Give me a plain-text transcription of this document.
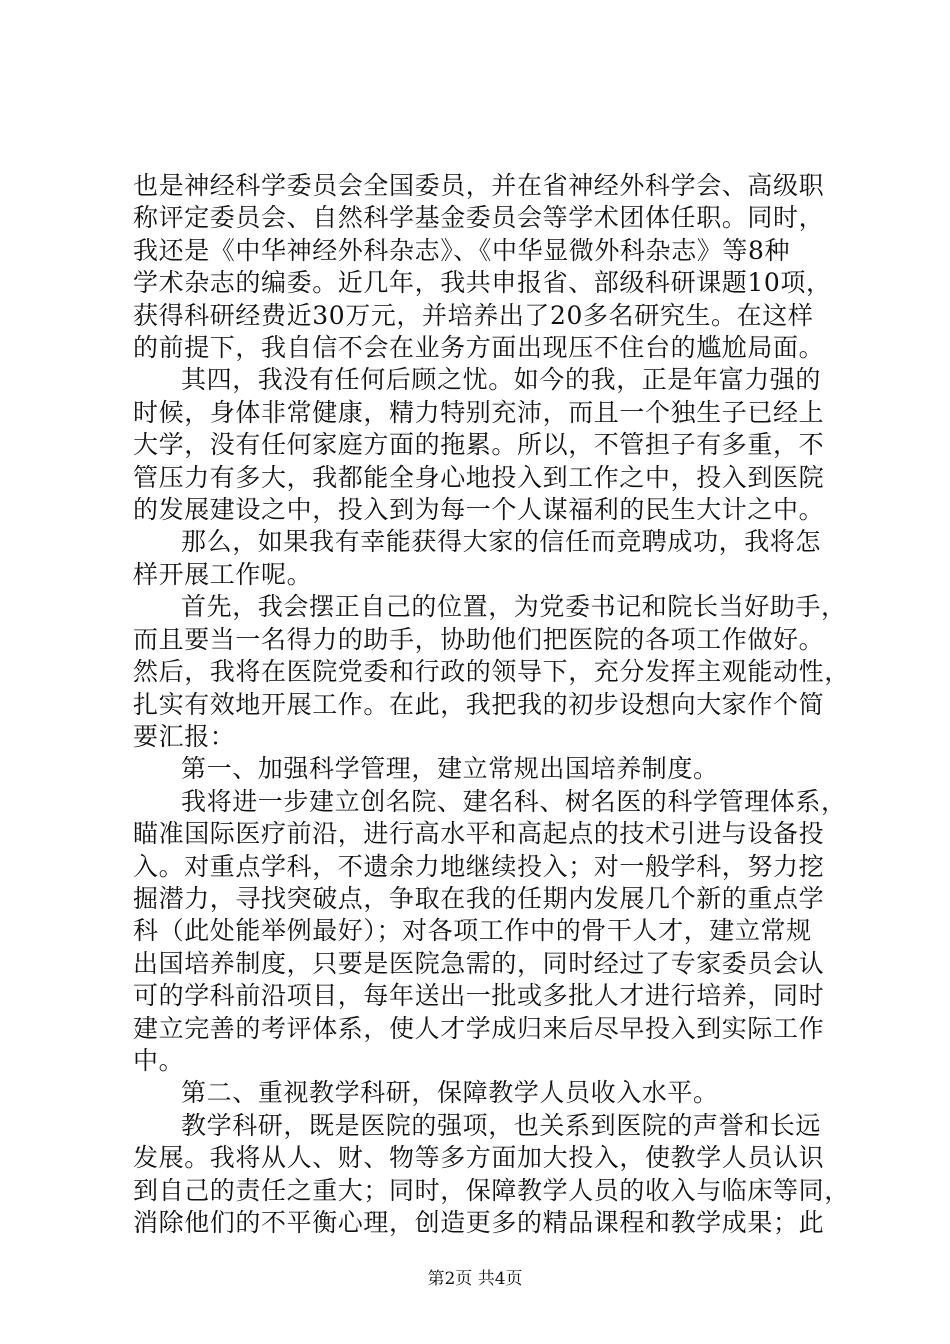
也是神经科学委员会全国委员，并在省神经外科学会、高级职
称评定委员会、自然科学基金委员会等学术团体任职。同时，
我还是《中华神经外科杂志》、《中华显微外科杂志》等8种
学术杂志的编委。近几年，我共申报省、部级科研课题10项，
获得科研经费近30万元，并培养出了20多名研究生。在这样
的前提下，我自信不会在业务方面出现压不住台的尴尬局面。
其四，我没有任何后顾之忧。如今的我，正是年富力强的
时候，身体非常健康，精力特别充沛，而且一个独生子已经上
大学，没有任何家庭方面的拖累。所以，不管担子有多重，不
管压力有多大，我都能全身心地投入到工作之中，投入到医院
的发展建设之中，投入到为每一个人谋福利的民生大计之中。
那么，如果我有幸能获得大家的信任而竞聘成功，我将怎
样开展工作呢。
首先，我会摆正自己的位置，为党委书记和院长当好助手，
而且要当一名得力的助手，协助他们把医院的各项工作做好。
然后，我将在医院党委和行政的领导下，充分发挥主观能动性，
扎实有效地开展工作。在此，我把我的初步设想向大家作个简
要汇报：
第一、加强科学管理，建立常规出国培养制度。
我将进一步建立创名院、建名科、树名医的科学管理体系，
瞄准国际医疗前沿，进行高水平和高起点的技术引进与设备投
入。对重点学科，不遗余力地继续投入；对一般学科，努力挖
掘潜力，寻找突破点，争取在我的任期内发展几个新的重点学
科（此处能举例最好）；对各项工作中的骨干人才，建立常规
出国培养制度，只要是医院急需的，同时经过了专家委员会认
可的学科前沿项目，每年送出一批或多批人才进行培养，同时
建立完善的考评体系，使人才学成归来后尽早投入到实际工作
中。
第二、重视教学科研，保障教学人员收入水平。
教学科研，既是医院的强项，也关系到医院的声誉和长远
发展。我将从人、财、物等多方面加大投入，使教学人员认识
到自己的责任之重大；同时，保障教学人员的收入与临床等同，
消除他们的不平衡心理，创造更多的精品课程和教学成果；此
第2页 共4页
